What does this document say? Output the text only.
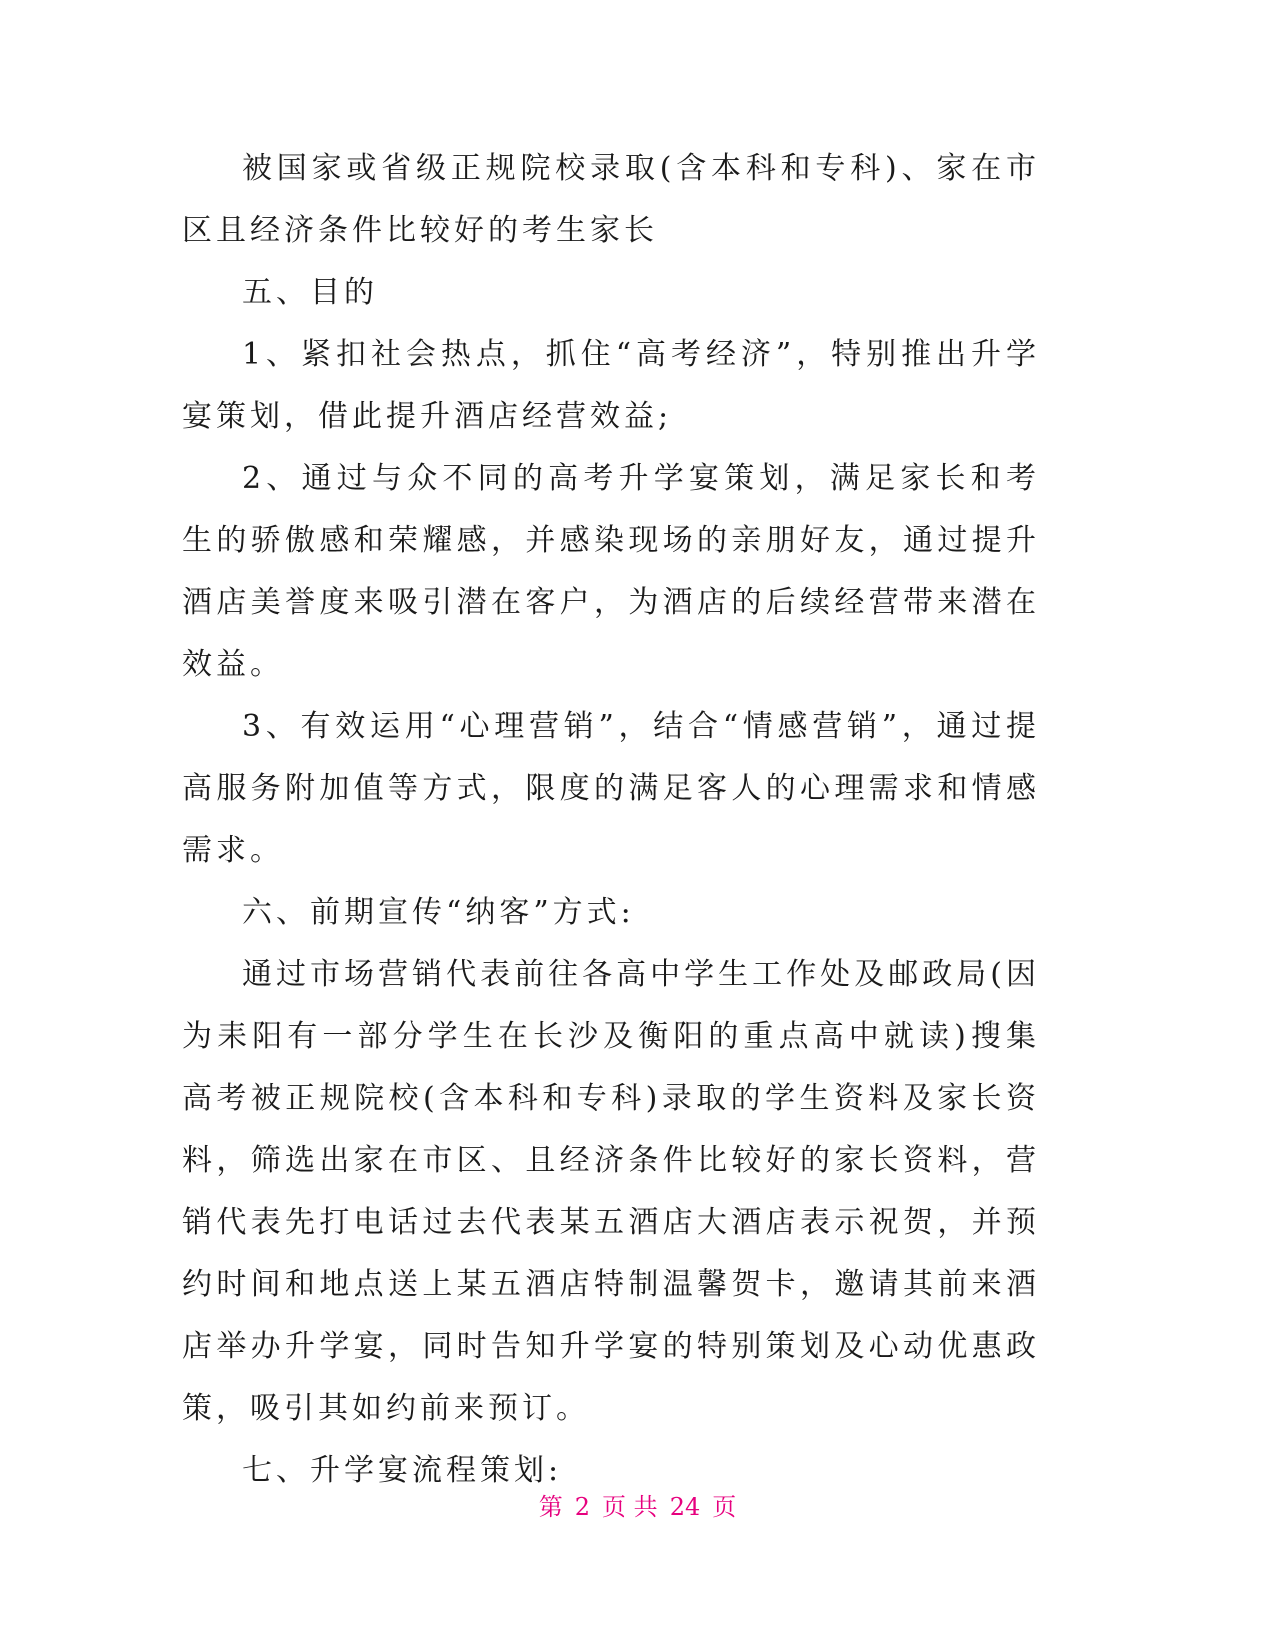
被国家或省级正规院校录取(含本科和专科)、家在市区且经济条件比较好的考生家长

五、目的

1、紧扣社会热点，抓住“高考经济”，特别推出升学宴策划，借此提升酒店经营效益;

2、通过与众不同的高考升学宴策划，满足家长和考生的骄傲感和荣耀感，并感染现场的亲朋好友，通过提升酒店美誉度来吸引潜在客户，为酒店的后续经营带来潜在效益。

3、有效运用“心理营销”，结合“情感营销”，通过提高服务附加值等方式，限度的满足客人的心理需求和情感需求。

六、前期宣传“纳客”方式:

通过市场营销代表前往各高中学生工作处及邮政局(因为耒阳有一部分学生在长沙及衡阳的重点高中就读)搜集高考被正规院校(含本科和专科)录取的学生资料及家长资料，筛选出家在市区、且经济条件比较好的家长资料，营销代表先打电话过去代表某五酒店大酒店表示祝贺，并预约时间和地点送上某五酒店特制温馨贺卡，邀请其前来酒店举办升学宴，同时告知升学宴的特别策划及心动优惠政策，吸引其如约前来预订。

七、升学宴流程策划:

第 2 页 共 24 页
